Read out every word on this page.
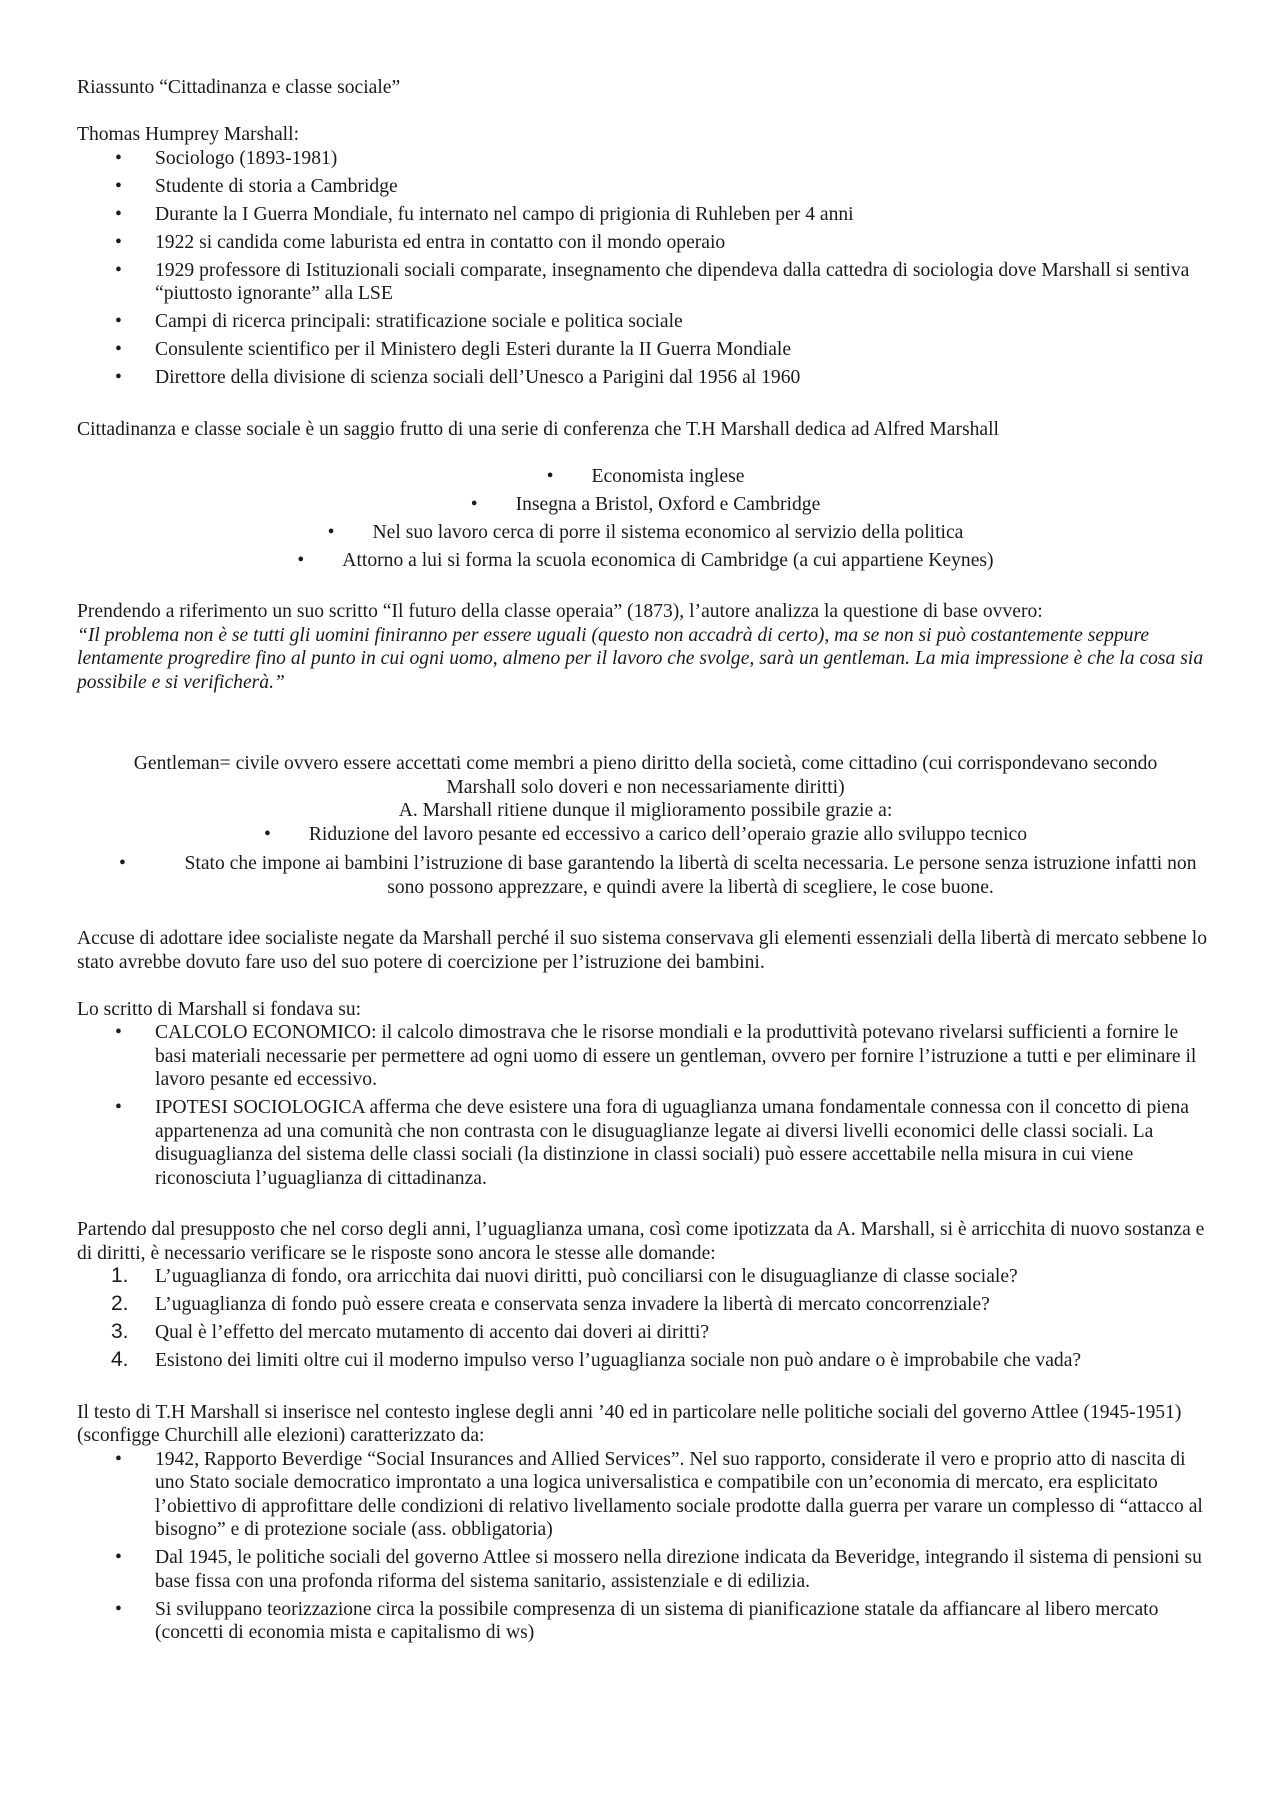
Riassunto “Cittadinanza e classe sociale”

Thomas Humprey Marshall:

• Sociologo (1893-1981)
• Studente di storia a Cambridge
• Durante la I Guerra Mondiale, fu internato nel campo di prigionia di Ruhleben per 4 anni
• 1922 si candida come laburista ed entra in contatto con il mondo operaio
• 1929 professore di Istituzionali sociali comparate, insegnamento che dipendeva dalla cattedra di sociologia dove Marshall si sentiva “piuttosto ignorante” alla LSE
• Campi di ricerca principali: stratificazione sociale e politica sociale
• Consulente scientifico per il Ministero degli Esteri durante la II Guerra Mondiale
• Direttore della divisione di scienza sociali dell’Unesco a Parigini dal 1956 al 1960

Cittadinanza e classe sociale è un saggio frutto di una serie di conferenza che T.H Marshall dedica ad Alfred Marshall

• Economista inglese
• Insegna a Bristol, Oxford e Cambridge
• Nel suo lavoro cerca di porre il sistema economico al servizio della politica
• Attorno a lui si forma la scuola economica di Cambridge (a cui appartiene Keynes)

Prendendo a riferimento un suo scritto “Il futuro della classe operaia” (1873), l’autore analizza la questione di base ovvero:

“Il problema non è se tutti gli uomini finiranno per essere uguali (questo non accadrà di certo), ma se non si può costantemente seppure lentamente progredire fino al punto in cui ogni uomo, almeno per il lavoro che svolge, sarà un gentleman. La mia impressione è che la cosa sia possibile e si verificherà.”

Gentleman= civile ovvero essere accettati come membri a pieno diritto della società, come cittadino (cui corrispondevano secondo Marshall solo doveri e non necessariamente diritti)

A. Marshall ritiene dunque il miglioramento possibile grazie a:

• Riduzione del lavoro pesante ed eccessivo a carico dell’operaio grazie allo sviluppo tecnico
•	Stato che impone ai bambini l’istruzione di base garantendo la libertà di scelta necessaria. Le persone senza istruzione infatti non sono possono apprezzare, e quindi avere la libertà di scegliere, le cose buone.

Accuse di adottare idee socialiste negate da Marshall perché il suo sistema conservava gli elementi essenziali della libertà di mercato sebbene lo stato avrebbe dovuto fare uso del suo potere di coercizione per l’istruzione dei bambini.

Lo scritto di Marshall si fondava su:

• CALCOLO ECONOMICO: il calcolo dimostrava che le risorse mondiali e la produttività potevano rivelarsi sufficienti a fornire le basi materiali necessarie per permettere ad ogni uomo di essere un gentleman, ovvero per fornire l’istruzione a tutti e per eliminare il lavoro pesante ed eccessivo.
• IPOTESI SOCIOLOGICA afferma che deve esistere una fora di uguaglianza umana fondamentale connessa con il concetto di piena appartenenza ad una comunità che non contrasta con le disuguaglianze legate ai diversi livelli economici delle classi sociali. La disuguaglianza del sistema delle classi sociali (la distinzione in classi sociali) può essere accettabile nella misura in cui viene riconosciuta l’uguaglianza di cittadinanza.

Partendo dal presupposto che nel corso degli anni, l’uguaglianza umana, così come ipotizzata da A. Marshall, si è arricchita di nuovo sostanza e di diritti, è necessario verificare se le risposte sono ancora le stesse alle domande:

1. L’uguaglianza di fondo, ora arricchita dai nuovi diritti, può conciliarsi con le disuguaglianze di classe sociale?
2. L’uguaglianza di fondo può essere creata e conservata senza invadere la libertà di mercato concorrenziale?
3. Qual è l’effetto del mercato mutamento di accento dai doveri ai diritti?
4. Esistono dei limiti oltre cui il moderno impulso verso l’uguaglianza sociale non può andare o è improbabile che vada?

Il testo di T.H Marshall si inserisce nel contesto inglese degli anni ’40 ed in particolare nelle politiche sociali del governo Attlee (1945-1951) (sconfigge Churchill alle elezioni) caratterizzato da:

• 1942, Rapporto Beverdige “Social Insurances and Allied Services”. Nel suo rapporto, considerate il vero e proprio atto di nascita di uno Stato sociale democratico improntato a una logica universalistica e compatibile con un’economia di mercato, era esplicitato l’obiettivo di approfittare delle condizioni di relativo livellamento sociale prodotte dalla guerra per varare un complesso di “attacco al bisogno” e di protezione sociale (ass. obbligatoria)
• Dal 1945, le politiche sociali del governo Attlee si mossero nella direzione indicata da Beveridge, integrando il sistema di pensioni su base fissa con una profonda riforma del sistema sanitario, assistenziale e di edilizia.
• Si sviluppano teorizzazione circa la possibile compresenza di un sistema di pianificazione statale da affiancare al libero mercato (concetti di economia mista e capitalismo di ws)
